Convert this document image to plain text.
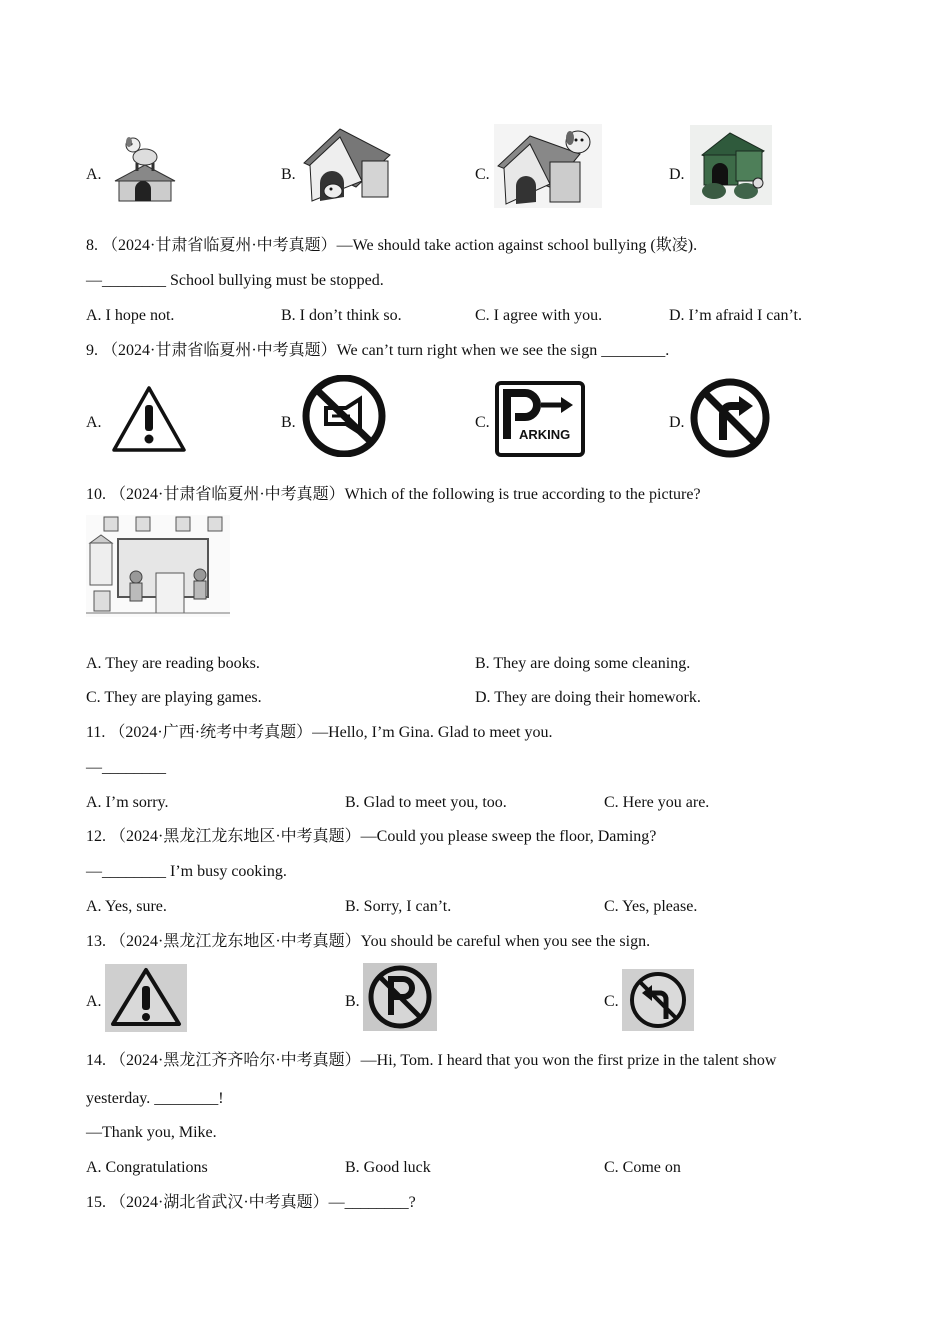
A.	B.	C.	D.
8. （2024·甘肃省临夏州·中考真题）—We should take action against school bullying (欺凌).
—________ School bullying must be stopped.
A. I hope not.	B. I don’t think so.	C. I agree with you.	D. I’m afraid I can’t.
9. （2024·甘肃省临夏州·中考真题）We can’t turn right when we see the sign ________.
A.	B.	C.
ARKING
D.
10. （2024·甘肃省临夏州·中考真题）Which of the following is true according to the picture?
A. They are reading books.	B. They are doing some cleaning.
C. They are playing games.	D. They are doing their homework.
11. （2024·广西·统考中考真题）—Hello, I’m Gina. Glad to meet you.
—________
A. I’m sorry.	B. Glad to meet you, too.	C. Here you are.
12. （2024·黑龙江龙东地区·中考真题）—Could you please sweep the floor, Daming?
—________ I’m busy cooking.
A. Yes, sure.	B. Sorry, I can’t.	C. Yes, please.
13. （2024·黑龙江龙东地区·中考真题）You should be careful when you see the sign.
A.	B.	C.
14. （2024·黑龙江齐齐哈尔·中考真题）—Hi, Tom. I heard that you won the first prize in the talent show
yesterday. ________!
—Thank you, Mike.
A. Congratulations	B. Good luck	C. Come on
15. （2024·湖北省武汉·中考真题）—________?
